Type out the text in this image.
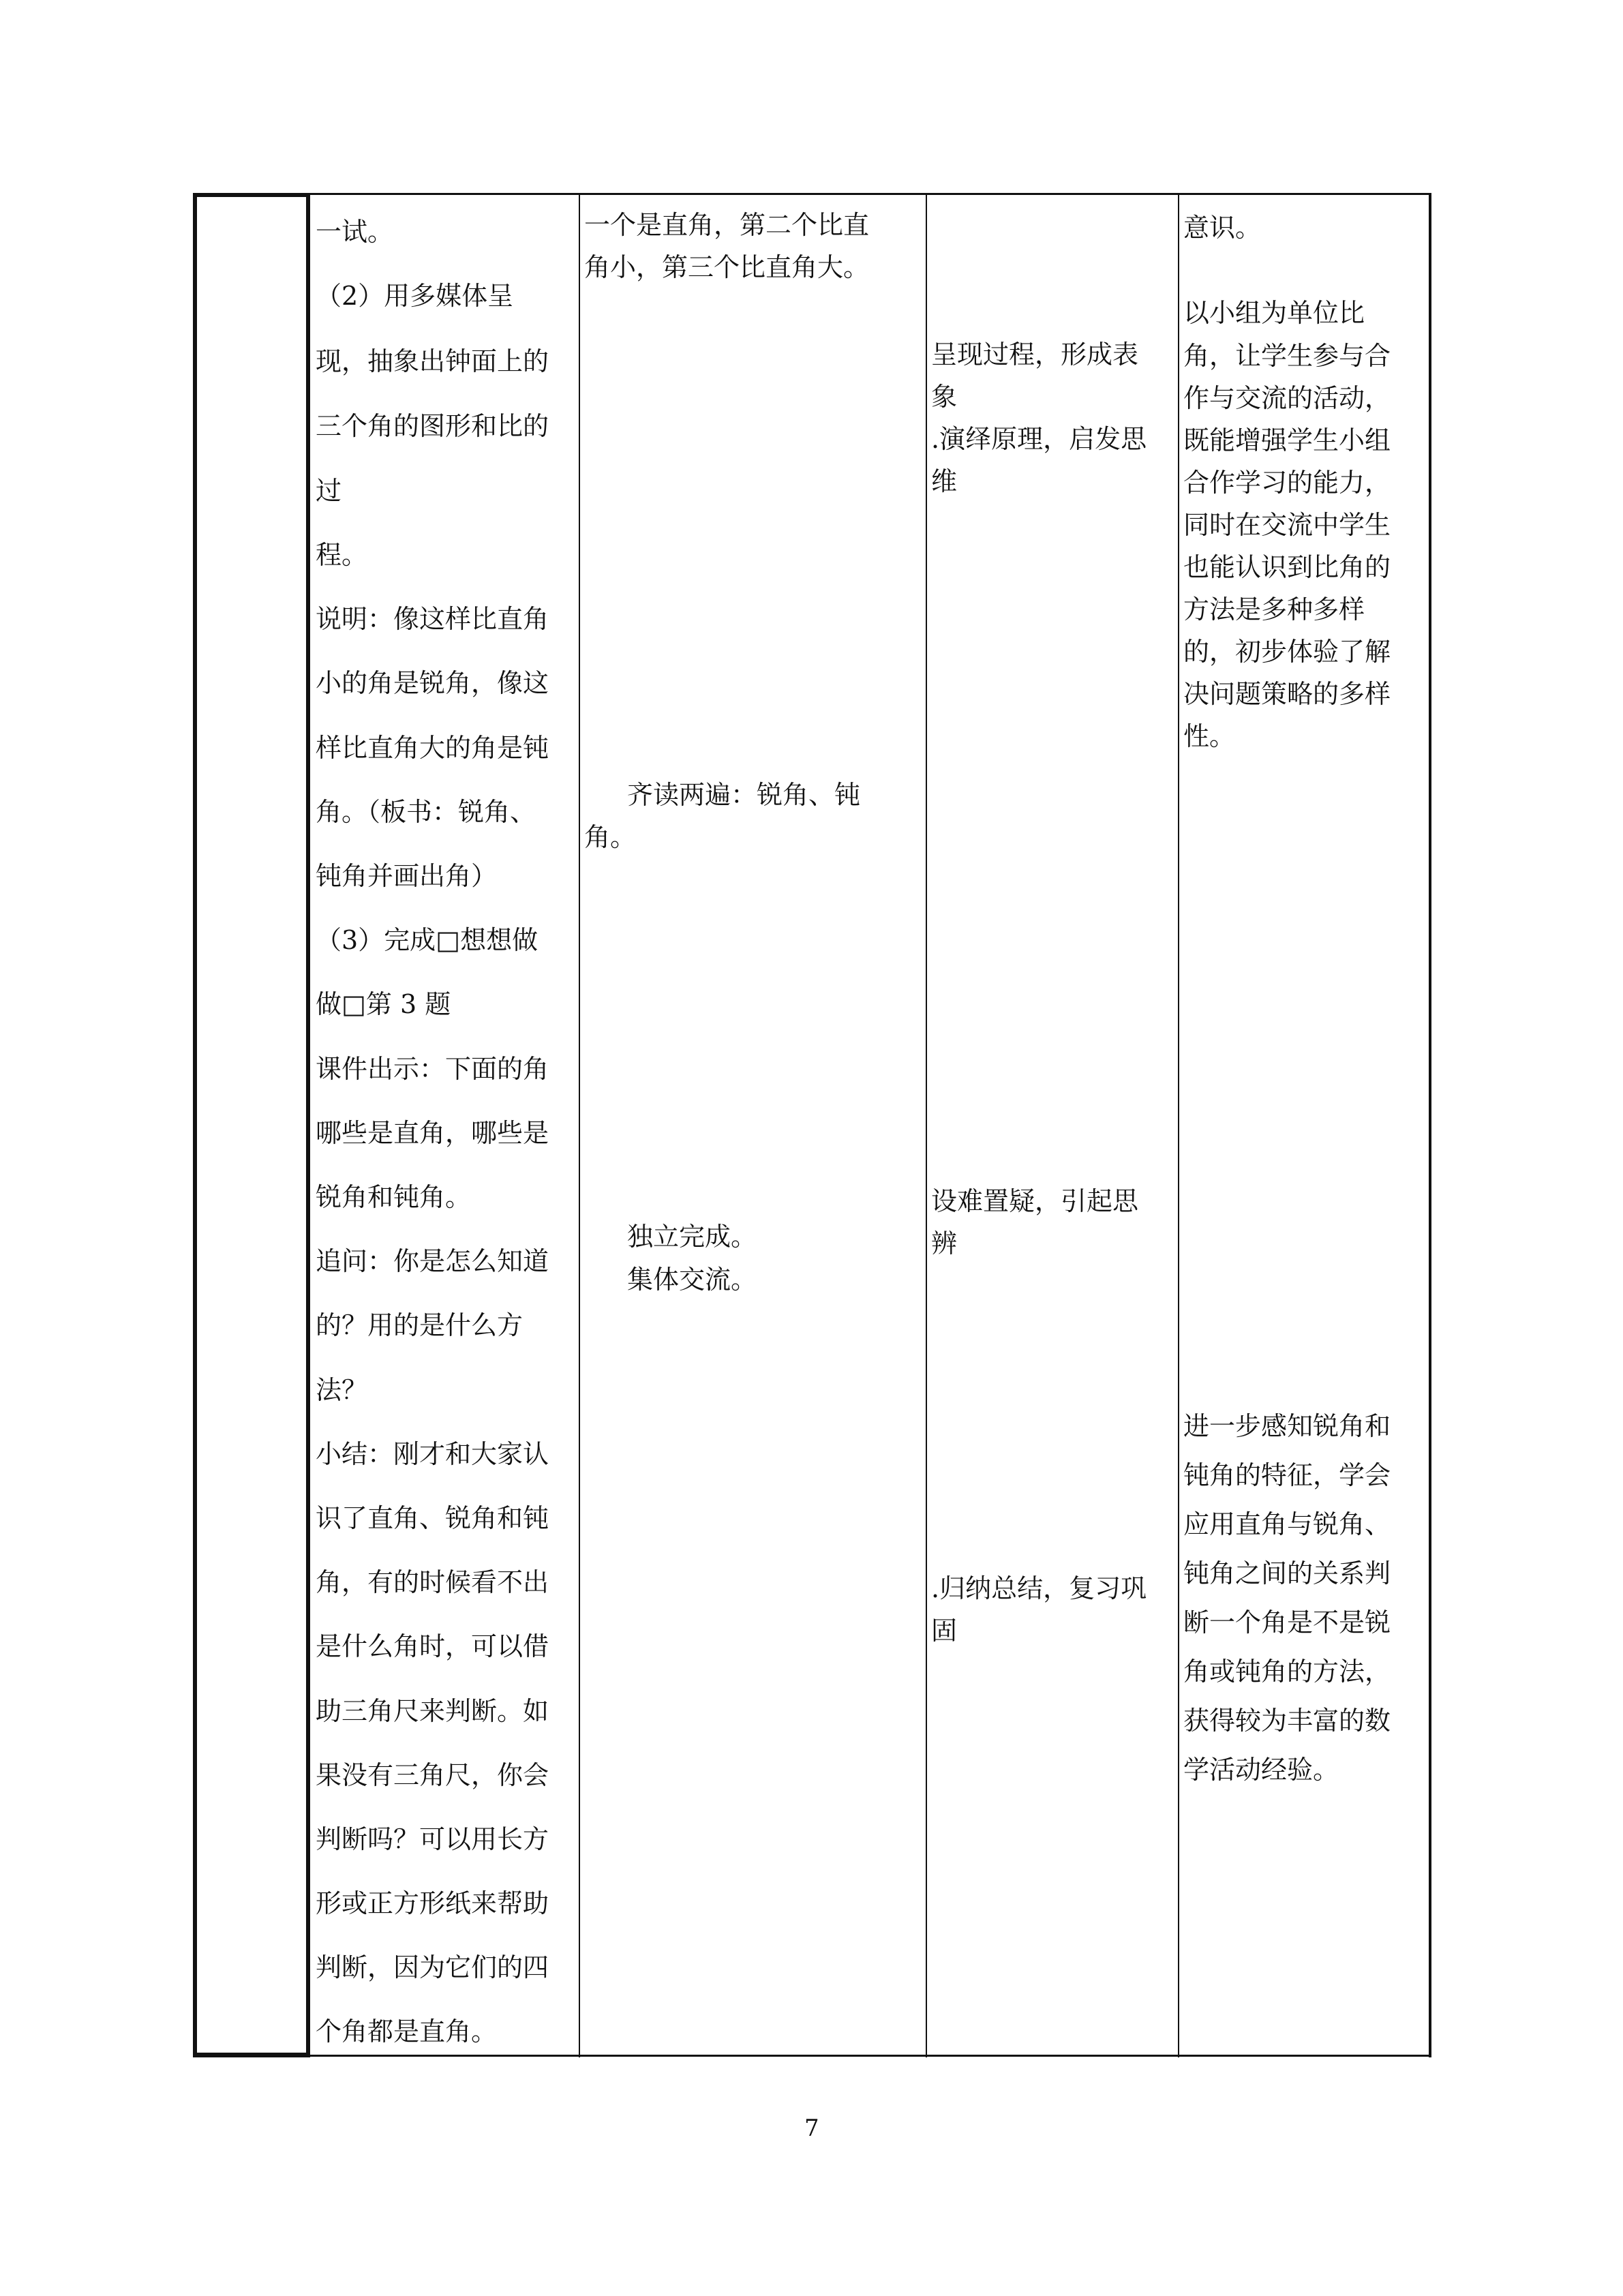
一试。
（2）用多媒体呈
现，抽象出钟面上的
三个角的图形和比的
过
程。
说明：像这样比直角
小的角是锐角，像这
样比直角大的角是钝
角。（板书：锐角、
钝角并画出角）
（3）完成□想想做
做□第 3 题
课件出示：下面的角
哪些是直角，哪些是
锐角和钝角。
追问：你是怎么知道
的？用的是什么方
法？
小结：刚才和大家认
识了直角、锐角和钝
角，有的时候看不出
是什么角时，可以借
助三角尺来判断。如
果没有三角尺，你会
判断吗？可以用长方
形或正方形纸来帮助
判断，因为它们的四
个角都是直角。
一个是直角，第二个比直
角小，第三个比直角大。
齐读两遍：锐角、钝
角。
独立完成。
集体交流。
呈现过程，形成表
象
.演绎原理，启发思
维
设难置疑，引起思
辨
.归纳总结，复习巩
固
意识。
以小组为单位比
角，让学生参与合
作与交流的活动，
既能增强学生小组
合作学习的能力，
同时在交流中学生
也能认识到比角的
方法是多种多样
的，初步体验了解
决问题策略的多样
性。
进一步感知锐角和
钝角的特征，学会
应用直角与锐角、
钝角之间的关系判
断一个角是不是锐
角或钝角的方法，
获得较为丰富的数
学活动经验。
7
